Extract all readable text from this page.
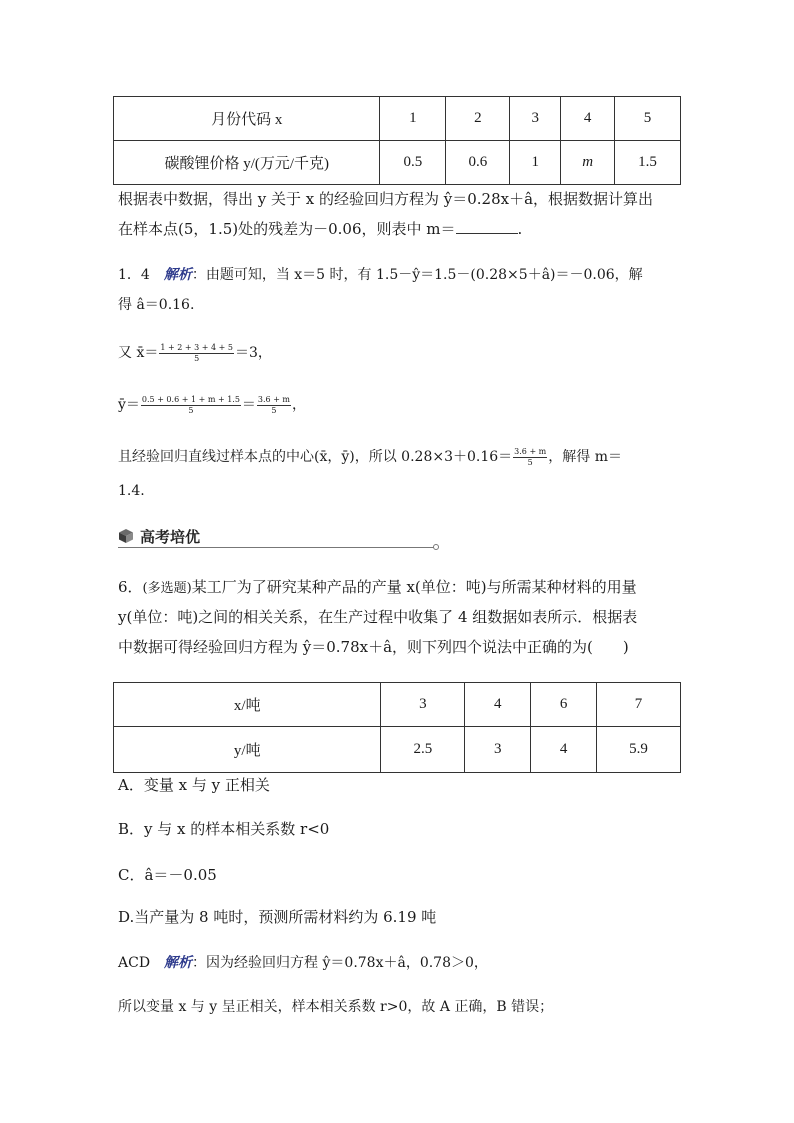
月份代码 x	1	2	3	4	5
碳酸锂价格 y/(万元/千克)	0.5	0.6	1	m	1.5
根据表中数据，得出 y 关于 x 的经验回归方程为 ŷ＝0.28x＋â，根据数据计算出
在样本点(5，1.5)处的残差为－0.06，则表中 m＝	.
1．4　 解析：由题可知，当 x＝5 时，有 1.5－ŷ＝1.5－(0.28×5＋â)＝－0.06，解
得 â＝0.16.
又 x̄＝ $\frac{1 + 2 + 3 + 4 + 5}{5} =3$，
ȳ＝ $\frac{0.5 + 0.6 + 1 + m + 1.5}{5} = \frac{3.6 + m}{5}$ ，
且经验回归直线过样本点的中心(x̄，ȳ)，所以 $0.28\times 3+0.16= \frac{3.6 + m}{5}$ ，解得 m＝
1.4.
高考培优
6．(多选题)某工厂为了研究某种产品的产量 x(单位：吨)与所需某种材料的用量
y(单位：吨)之间的相关关系，在生产过程中收集了 4 组数据如表所示．根据表
中数据可得经验回归方程为 ŷ＝0.78x＋â，则下列四个说法中正确的为(　　)
x/吨	3	4	6	7
y/吨	2.5	3	4	5.9
A．变量 x 与 y 正相关
B．y 与 x 的样本相关系数 r<0
C．â＝－0.05
D.当产量为 8 吨时，预测所需材料约为 6.19 吨
ACD　 解析：因为经验回归方程 ŷ＝0.78x＋â，0.78＞0，
所以变量 x 与 y 呈正相关，样本相关系数 r>0，故 A 正确，B 错误；
